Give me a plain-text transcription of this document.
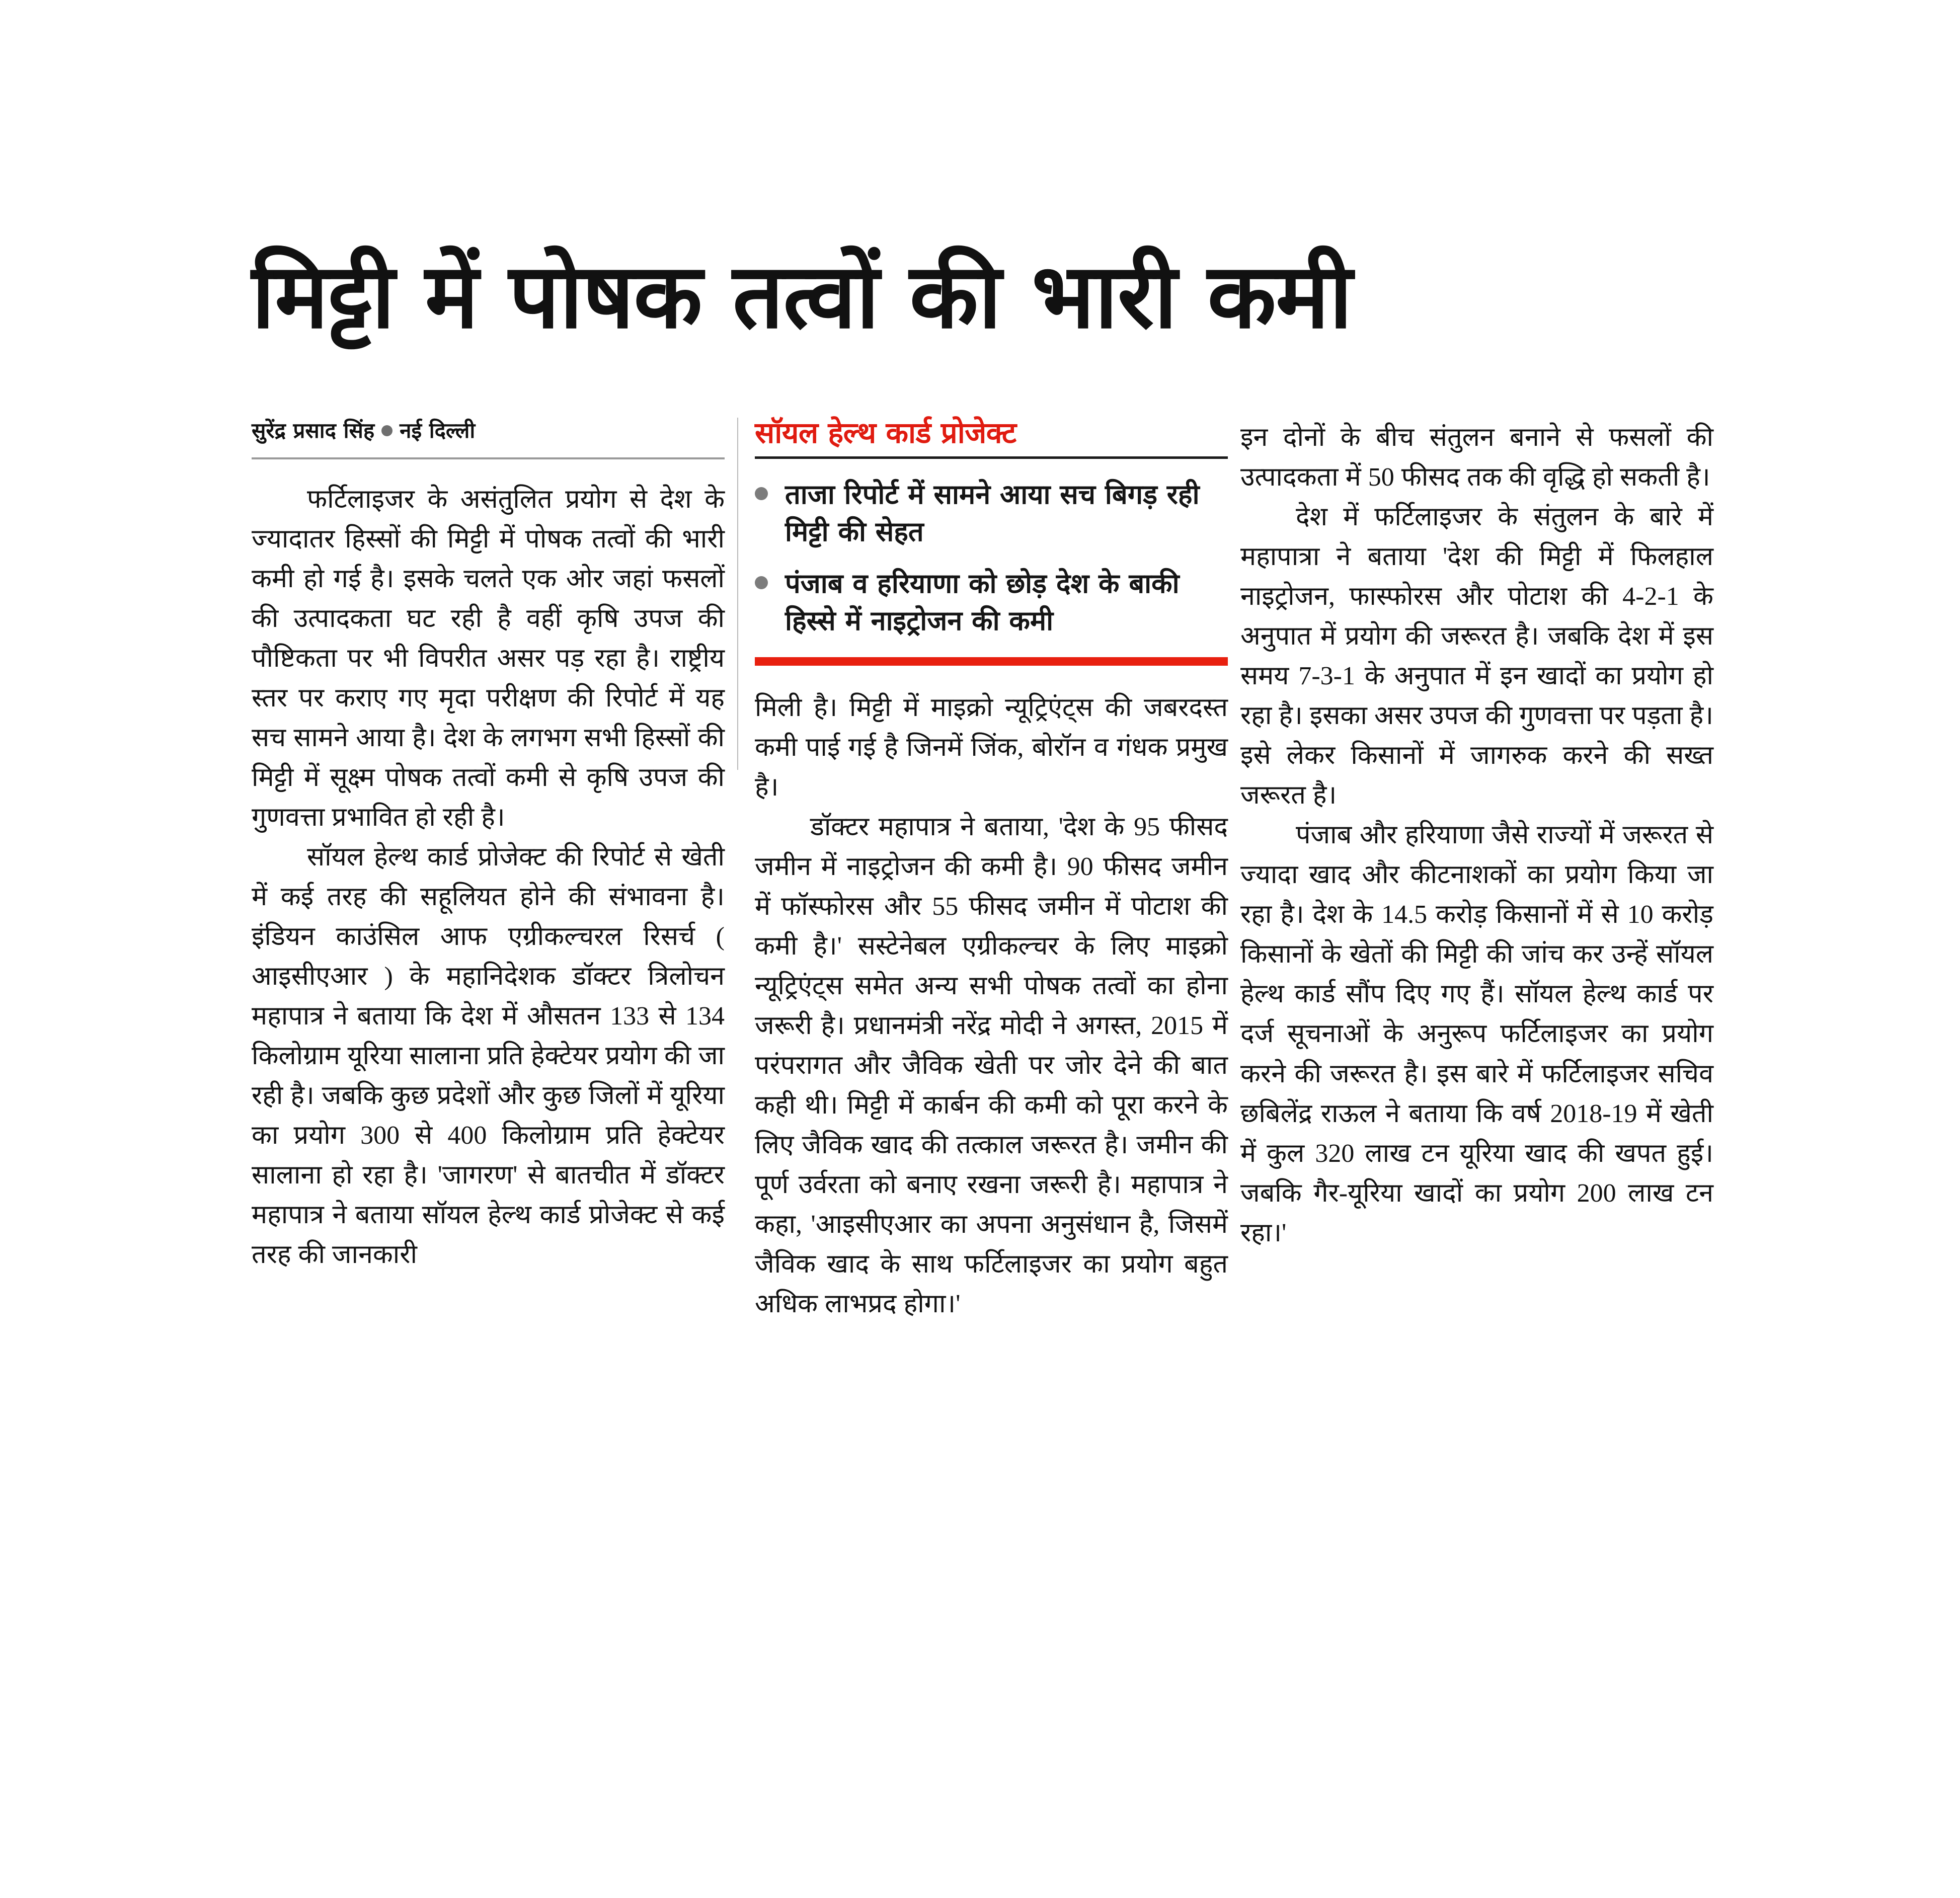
मिट्टी में पोषक तत्वों की भारी कमी
सुरेंद्र प्रसाद सिंह नई दिल्ली

फर्टिलाइजर के असंतुलित प्रयोग से देश के ज्यादातर हिस्सों की मिट्टी में पोषक तत्वों की भारी कमी हो गई है। इसके चलते एक ओर जहां फसलों की उत्पादकता घट रही है वहीं कृषि उपज की पौष्टिकता पर भी विपरीत असर पड़ रहा है। राष्ट्रीय स्तर पर कराए गए मृदा परीक्षण की रिपोर्ट में यह सच सामने आया है। देश के लगभग सभी हिस्सों की मिट्टी में सूक्ष्म पोषक तत्वों कमी से कृषि उपज की गुणवत्ता प्रभावित हो रही है।

सॉयल हेल्थ कार्ड प्रोजेक्ट की रिपोर्ट से खेती में कई तरह की सहूलियत होने की संभावना है। इंडियन काउंसिल आफ एग्रीकल्चरल रिसर्च ( आइसीएआर ) के महानिदेशक डॉक्टर त्रिलोचन महापात्र ने बताया कि देश में औसतन 133 से 134 किलोग्राम यूरिया सालाना प्रति हेक्टेयर प्रयोग की जा रही है। जबकि कुछ प्रदेशों और कुछ जिलों में यूरिया का प्रयोग 300 से 400 किलोग्राम प्रति हेक्टेयर सालाना हो रहा है। 'जागरण' से बातचीत में डॉक्टर महापात्र ने बताया सॉयल हेल्थ कार्ड प्रोजेक्ट से कई तरह की जानकारी

सॉयल हेल्थ कार्ड प्रोजेक्ट
ताजा रिपोर्ट में सामने आया सच बिगड़ रही मिट्टी की सेहत
पंजाब व हरियाणा को छोड़ देश के बाकी हिस्से में नाइट्रोजन की कमी

मिली है। मिट्टी में माइक्रो न्यूट्रिएंट्स की जबरदस्त कमी पाई गई है जिनमें जिंक, बोरॉन व गंधक प्रमुख है।

डॉक्टर महापात्र ने बताया, 'देश के 95 फीसद जमीन में नाइट्रोजन की कमी है। 90 फीसद जमीन में फॉस्फोरस और 55 फीसद जमीन में पोटाश की कमी है।' सस्टेनेबल एग्रीकल्चर के लिए माइक्रो न्यूट्रिएंट्स समेत अन्य सभी पोषक तत्वों का होना जरूरी है। प्रधानमंत्री नरेंद्र मोदी ने अगस्त, 2015 में परंपरागत और जैविक खेती पर जोर देने की बात कही थी। मिट्टी में कार्बन की कमी को पूरा करने के लिए जैविक खाद की तत्काल जरूरत है। जमीन की पूर्ण उर्वरता को बनाए रखना जरूरी है। महापात्र ने कहा, 'आइसीएआर का अपना अनुसंधान है, जिसमें जैविक खाद के साथ फर्टिलाइजर का प्रयोग बहुत अधिक लाभप्रद होगा।'

इन दोनों के बीच संतुलन बनाने से फसलों की उत्पादकता में 50 फीसद तक की वृद्धि हो सकती है।

देश में फर्टिलाइजर के संतुलन के बारे में महापात्रा ने बताया 'देश की मिट्टी में फिलहाल नाइट्रोजन, फास्फोरस और पोटाश की 4-2-1 के अनुपात में प्रयोग की जरूरत है। जबकि देश में इस समय 7-3-1 के अनुपात में इन खादों का प्रयोग हो रहा है। इसका असर उपज की गुणवत्ता पर पड़ता है। इसे लेकर किसानों में जागरुक करने की सख्त जरूरत है।

पंजाब और हरियाणा जैसे राज्यों में जरूरत से ज्यादा खाद और कीटनाशकों का प्रयोग किया जा रहा है। देश के 14.5 करोड़ किसानों में से 10 करोड़ किसानों के खेतों की मिट्टी की जांच कर उन्हें सॉयल हेल्थ कार्ड सौंप दिए गए हैं। सॉयल हेल्थ कार्ड पर दर्ज सूचनाओं के अनुरूप फर्टिलाइजर का प्रयोग करने की जरूरत है। इस बारे में फर्टिलाइजर सचिव छबिलेंद्र राऊल ने बताया कि वर्ष 2018-19 में खेती में कुल 320 लाख टन यूरिया खाद की खपत हुई। जबकि गैर-यूरिया खादों का प्रयोग 200 लाख टन रहा।'
